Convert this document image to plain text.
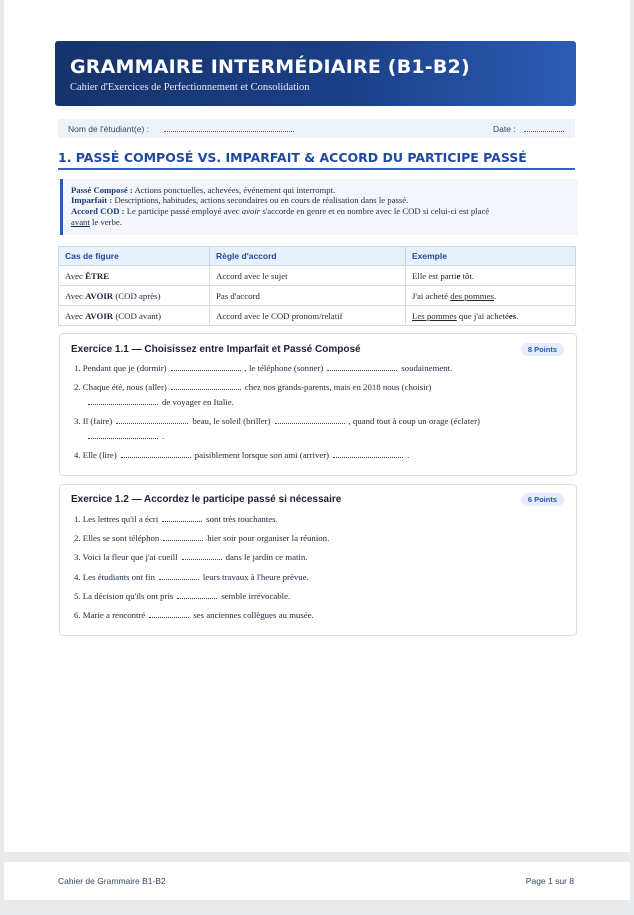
GRAMMAIRE INTERMÉDIAIRE (B1-B2)
Cahier d'Exercices de Perfectionnement et Consolidation
Nom de l'étudiant(e) :	Date :
1. PASSÉ COMPOSÉ VS. IMPARFAIT & ACCORD DU PARTICIPE PASSÉ
Passé Composé : Actions ponctuelles, achevées, événement qui interrompt.
Imparfait : Descriptions, habitudes, actions secondaires ou en cours de réalisation dans le passé.
Accord COD : Le participe passé employé avec avoir s'accorde en genre et en nombre avec le COD si celui-ci est placé
avant le verbe.
Cas de figure	Règle d'accord	Exemple
Avec ÊTRE	Accord avec le sujet	Elle est partie tôt.
Avec AVOIR (COD après)	Pas d'accord	J'ai acheté des pommes.
Avec AVOIR (COD avant)	Accord avec le COD pronom/relatif	Les pommes que j'ai achetées.
Exercice 1.1 — Choisissez entre Imparfait et Passé Composé	8 Points
1. Pendant que je (dormir)	, le téléphone (sonner)	soudainement.
2. Chaque été, nous (aller)	chez nos grands-parents, mais en 2018 nous (choisir)
de voyager en Italie.
3. Il (faire)	beau, le soleil (briller)	, quand tout à coup un orage (éclater)
.
4. Elle (lire)	paisiblement lorsque son ami (arriver)	.
Exercice 1.2 — Accordez le participe passé si nécessaire	6 Points
1. Les lettres qu'il a écri	sont très touchantes.
2. Elles se sont téléphon	hier soir pour organiser la réunion.
3. Voici la fleur que j'ai cueill	dans le jardin ce matin.
4. Les étudiants ont fin	leurs travaux à l'heure prévue.
5. La décision qu'ils ont pris	semble irrévocable.
6. Marie a rencontré	ses anciennes collègues au musée.
Cahier de Grammaire B1-B2	Page 1 sur 8
